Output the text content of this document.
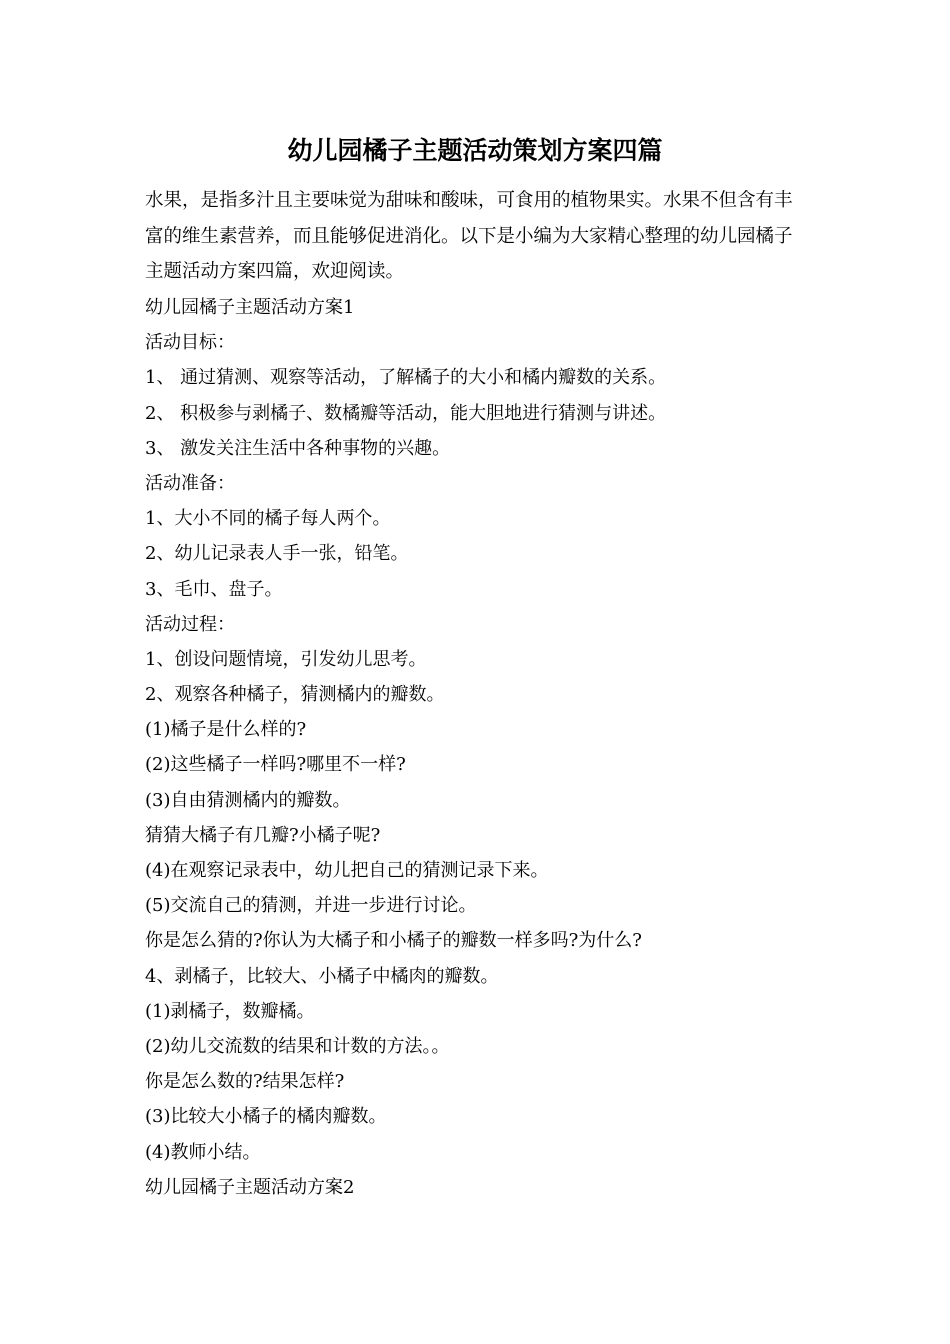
幼儿园橘子主题活动策划方案四篇

水果，是指多汁且主要味觉为甜味和酸味，可食用的植物果实。水果不但含有丰富的维生素营养，而且能够促进消化。以下是小编为大家精心整理的幼儿园橘子主题活动方案四篇，欢迎阅读。

幼儿园橘子主题活动方案1
活动目标：
1、 通过猜测、观察等活动，了解橘子的大小和橘内瓣数的关系。
2、 积极参与剥橘子、数橘瓣等活动，能大胆地进行猜测与讲述。
3、 激发关注生活中各种事物的兴趣。
活动准备：
1、大小不同的橘子每人两个。
2、幼儿记录表人手一张，铅笔。
3、毛巾、盘子。
活动过程：
1、创设问题情境，引发幼儿思考。
2、观察各种橘子，猜测橘内的瓣数。
(1)橘子是什么样的?
(2)这些橘子一样吗?哪里不一样?
(3)自由猜测橘内的瓣数。
猜猜大橘子有几瓣?小橘子呢?
(4)在观察记录表中，幼儿把自己的猜测记录下来。
(5)交流自己的猜测，并进一步进行讨论。
你是怎么猜的?你认为大橘子和小橘子的瓣数一样多吗?为什么?
4、剥橘子，比较大、小橘子中橘肉的瓣数。
(1)剥橘子，数瓣橘。
(2)幼儿交流数的结果和计数的方法。。
你是怎么数的?结果怎样?
(3)比较大小橘子的橘肉瓣数。
(4)教师小结。
幼儿园橘子主题活动方案2
